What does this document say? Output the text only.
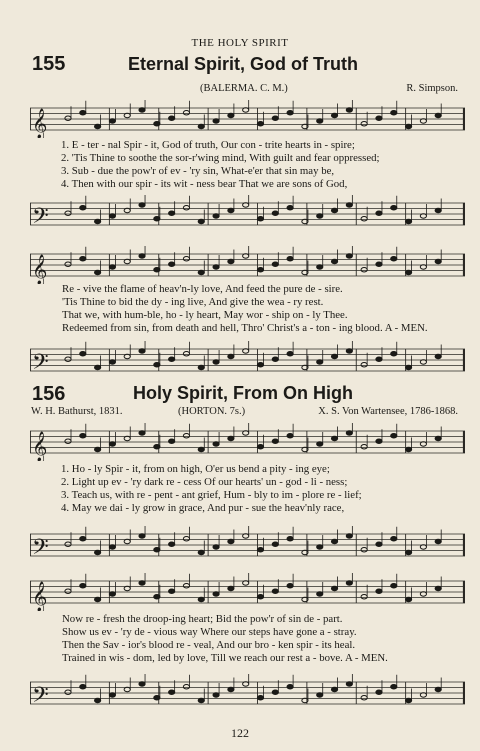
THE HOLY SPIRIT
155	Eternal Spirit, God of Truth
(BALERMA. C. M.)	R. Simpson.
𝄞
1. E - ter - nal Spir - it, God of truth, Our con - trite hearts in - spire;
2. 'Tis Thine to soothe the sor-r'wing mind, With guilt and fear oppressed;
3. Sub - due the pow'r of ev - 'ry sin, What-e'er that sin may be,
4. Then with our spir - its wit - ness bear That we are sons of God,
𝄢
𝄞
Re - vive the flame of heav'n-ly love, And feed the pure de - sire.
'Tis Thine to bid the dy - ing live, And give the wea - ry rest.
That we, with hum-ble, ho - ly heart, May wor - ship on - ly Thee.
Redeemed from sin, from death and hell, Thro' Christ's a - ton - ing blood. A - MEN.
𝄢
156	Holy Spirit, From On High
W. H. Bathurst, 1831.	(HORTON. 7s.)	X. S. Von Wartensee, 1786-1868.
𝄞
1. Ho - ly Spir - it, from on high, O'er us bend a pity - ing eye;
2. Light up ev - 'ry dark re - cess Of our hearts' un - god - li - ness;
3. Teach us, with re - pent - ant grief, Hum - bly to im - plore re - lief;
4. May we dai - ly grow in grace, And pur - sue the heav'nly race,
𝄢
𝄞
Now re - fresh the droop-ing heart; Bid the pow'r of sin de - part.
Show us ev - 'ry de - vious way Where our steps have gone a - stray.
Then the Sav - ior's blood re - veal, And our bro - ken spir - its heal.
Trained in wis - dom, led by love, Till we reach our rest a - bove. A - MEN.
𝄢
122
